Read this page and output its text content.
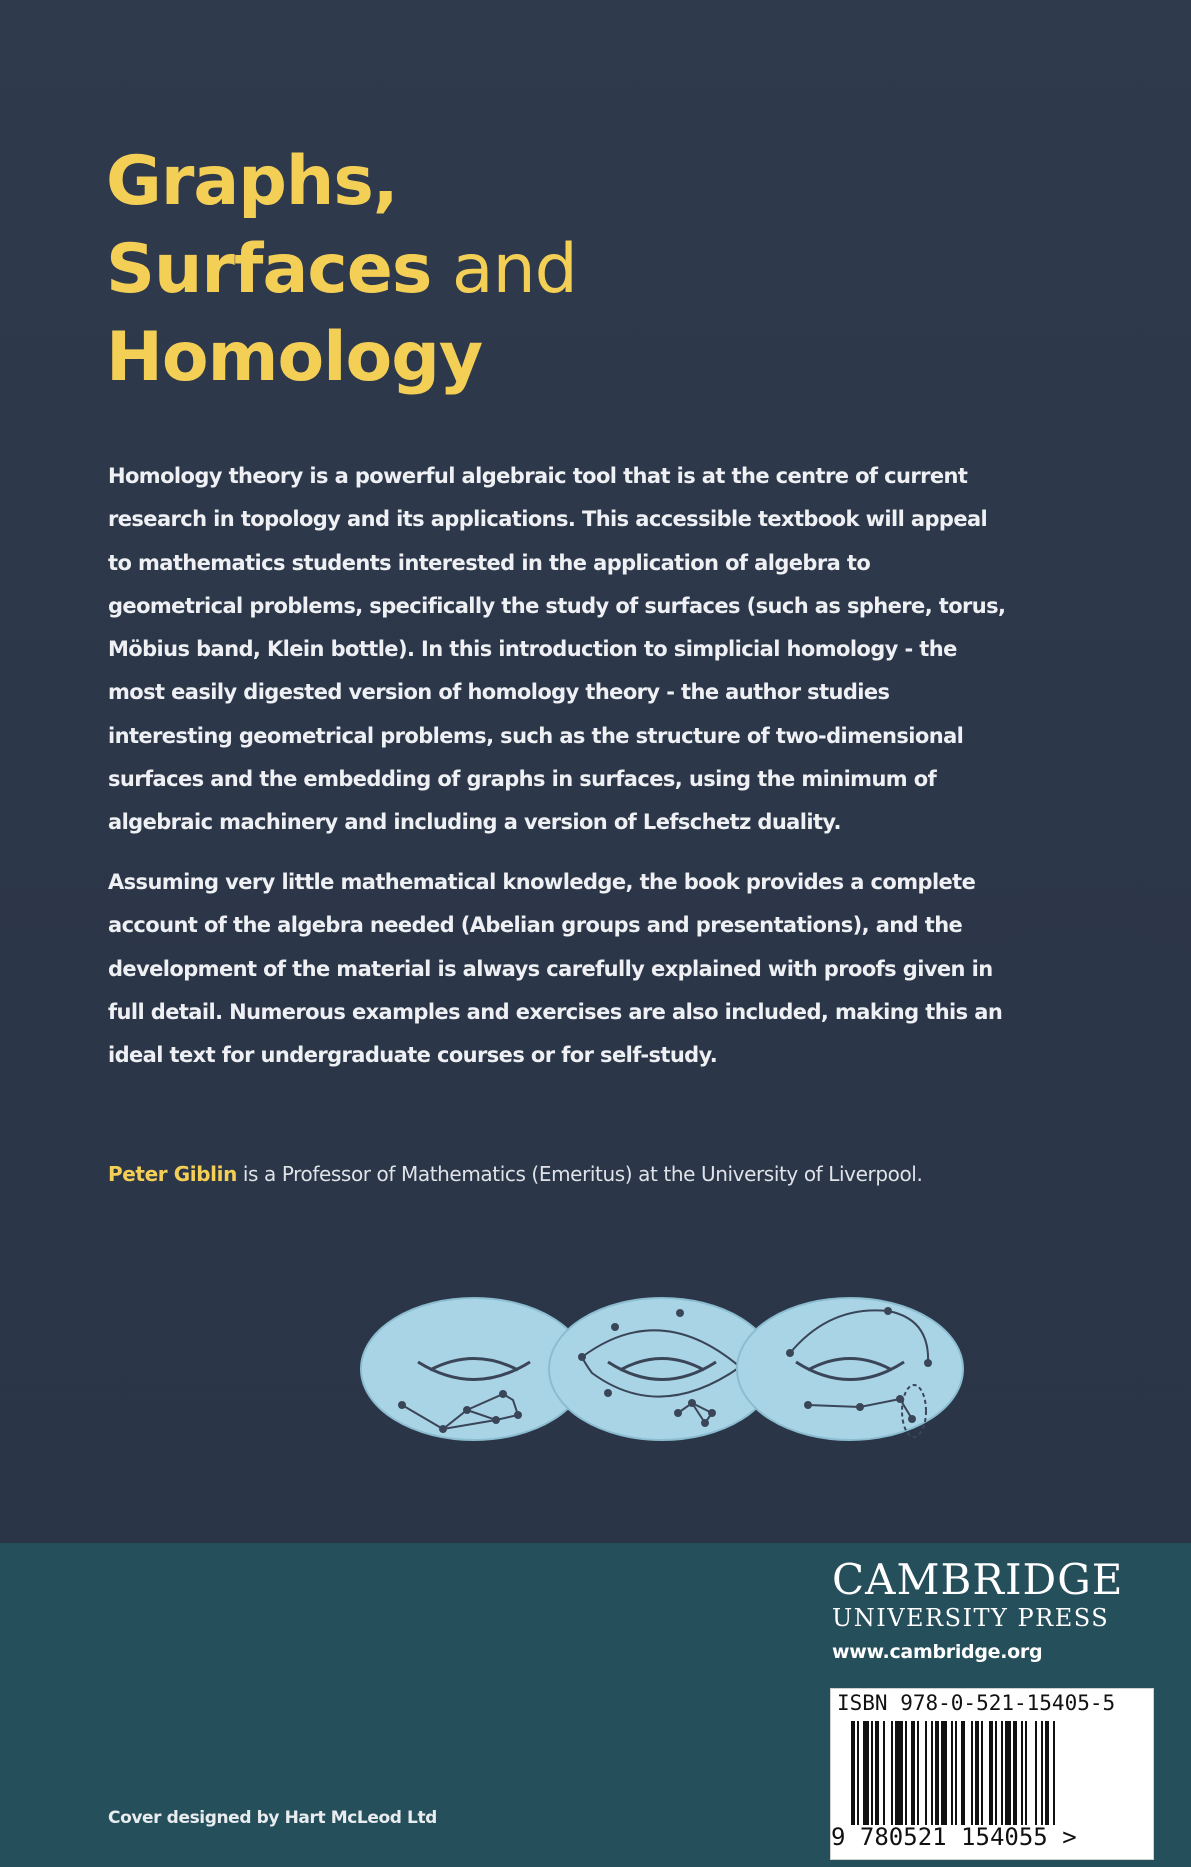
Graphs,
Surfaces and
Homology

Homology theory is a powerful algebraic tool that is at the centre of current research in topology and its applications. This accessible textbook will appeal to mathematics students interested in the application of algebra to geometrical problems, specifically the study of surfaces (such as sphere, torus, Möbius band, Klein bottle). In this introduction to simplicial homology - the most easily digested version of homology theory - the author studies interesting geometrical problems, such as the structure of two-dimensional surfaces and the embedding of graphs in surfaces, using the minimum of algebraic machinery and including a version of Lefschetz duality.

Assuming very little mathematical knowledge, the book provides a complete account of the algebra needed (Abelian groups and presentations), and the development of the material is always carefully explained with proofs given in full detail. Numerous examples and exercises are also included, making this an ideal text for undergraduate courses or for self-study.

Peter Giblin is a Professor of Mathematics (Emeritus) at the University of Liverpool.

CAMBRIDGE
UNIVERSITY PRESS
www.cambridge.org
ISBN 978-0-521-15405-5
9 780521 154055 >

Cover designed by Hart McLeod Ltd
